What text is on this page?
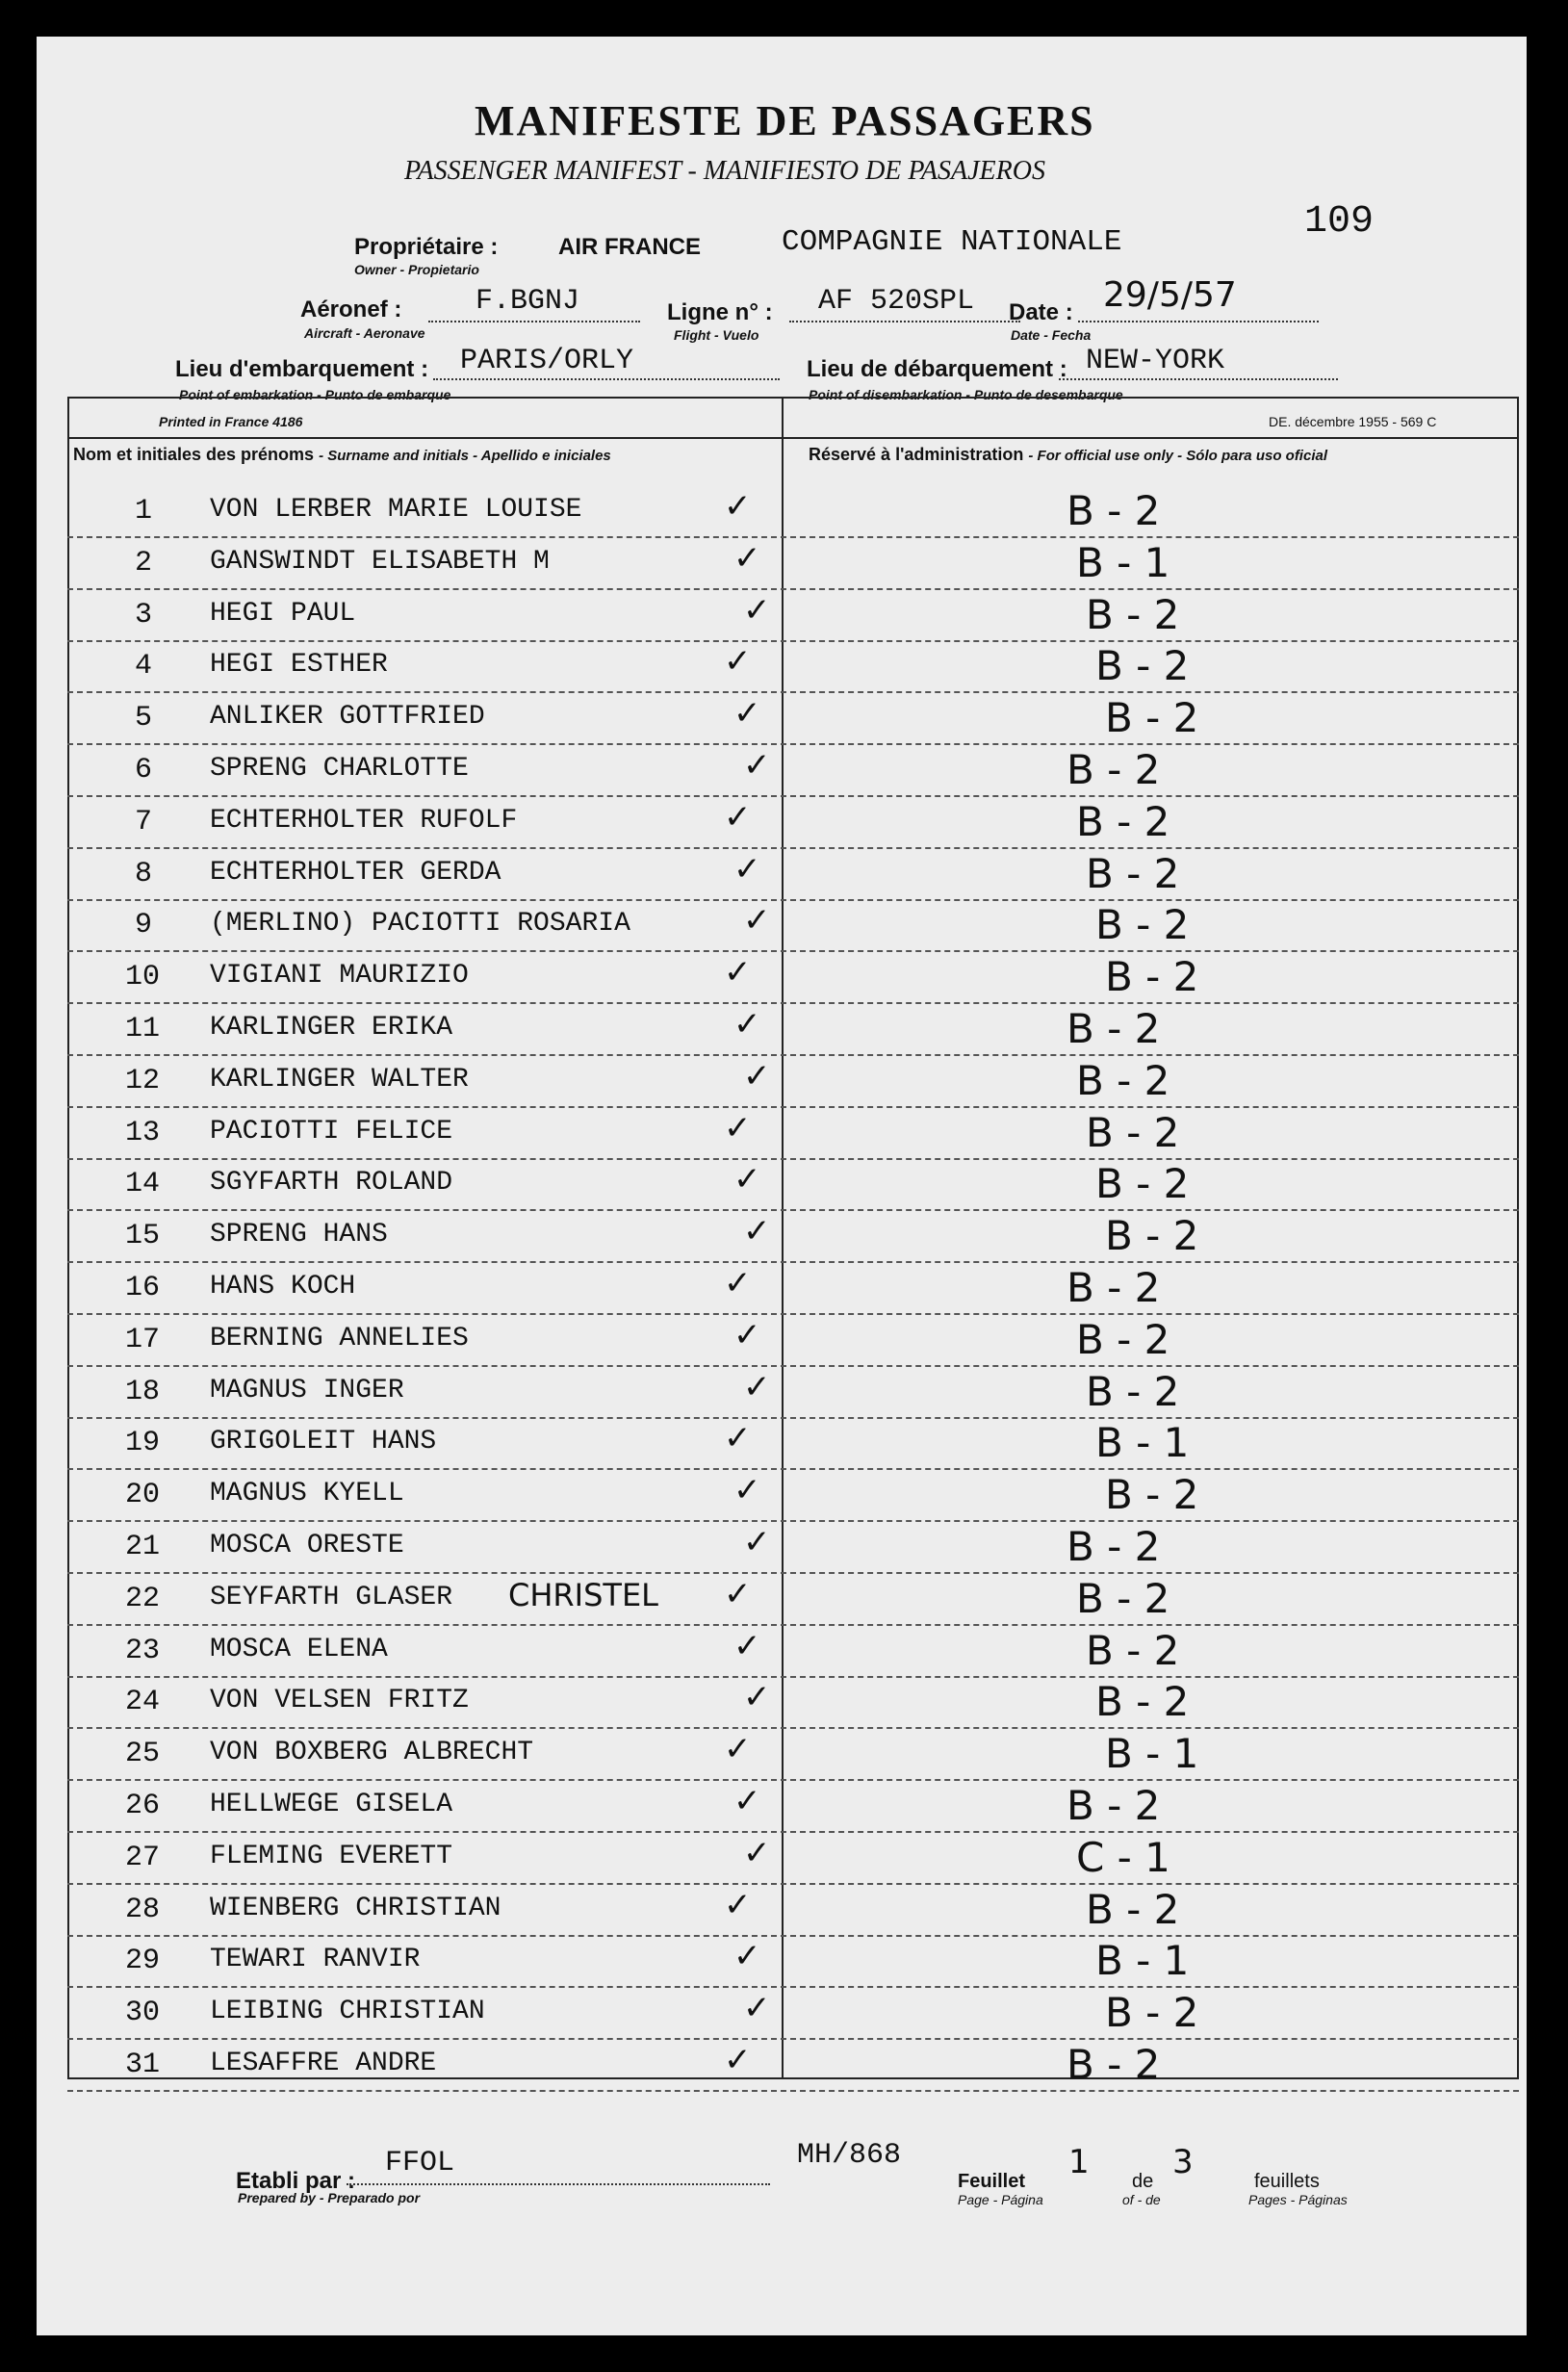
MANIFESTE DE PASSAGERS
PASSENGER MANIFEST - MANIFIESTO DE PASAJEROS
109
Propriétaire :
Owner - Propietario
AIR FRANCE	COMPAGNIE NATIONALE
Aéronef :
Aircraft - Aeronave
F.BGNJ	Ligne n° :
Flight - Vuelo
AF 520SPL Date :
Date - Fecha
29/5/57
Lieu d'embarquement :
Point of embarkation - Punto de embarque
PARIS/ORLY	Lieu de débarquement :
Point of disembarkation - Punto de desembarque
NEW-YORK
Printed in France 4186	DE. décembre 1955 - 569 C
Nom et initiales des prénoms - Surname and initials - Apellido e iniciales	Réservé à l'administration - For official use only - Sólo para uso oficial
1 VON LERBER MARIE LOUISE	✓	B - 2
2 GANSWINDT ELISABETH M	✓	B - 1
3 HEGI PAUL	✓	B - 2
4 HEGI ESTHER	✓	B - 2
5 ANLIKER GOTTFRIED	✓	B - 2
6 SPRENG CHARLOTTE	✓	B - 2
7 ECHTERHOLTER RUFOLF	✓	B - 2
8 ECHTERHOLTER GERDA	✓	B - 2
9 (MERLINO) PACIOTTI ROSARIA	✓	B - 2
10 VIGIANI MAURIZIO	✓	B - 2
11 KARLINGER ERIKA	✓	B - 2
12 KARLINGER WALTER	✓	B - 2
13 PACIOTTI FELICE	✓	B - 2
14 SGYFARTH ROLAND	✓	B - 2
15 SPRENG HANS	✓	B - 2
16 HANS KOCH	✓	B - 2
17 BERNING ANNELIES	✓	B - 2
18 MAGNUS INGER	✓	B - 2
19 GRIGOLEIT HANS	✓	B - 1
20 MAGNUS KYELL	✓	B - 2
21 MOSCA ORESTE	✓	B - 2
22 SEYFARTH GLASER	✓	B - 2
CHRISTEL
23 MOSCA ELENA	✓	B - 2
24 VON VELSEN FRITZ	✓	B - 2
25 VON BOXBERG ALBRECHT	✓	B - 1
26 HELLWEGE GISELA	✓	B - 2
27 FLEMING EVERETT	✓	C - 1
28 WIENBERG CHRISTIAN	✓	B - 2
29 TEWARI RANVIR	✓	B - 1
30 LEIBING CHRISTIAN	✓	B - 2
31 LESAFFRE ANDRE	✓	B - 2
Etabli par :
Prepared by - Preparado por
FFOL	MH/868
Feuillet
Page - Página
1 de
of - de
3	feuillets
Pages - Páginas
